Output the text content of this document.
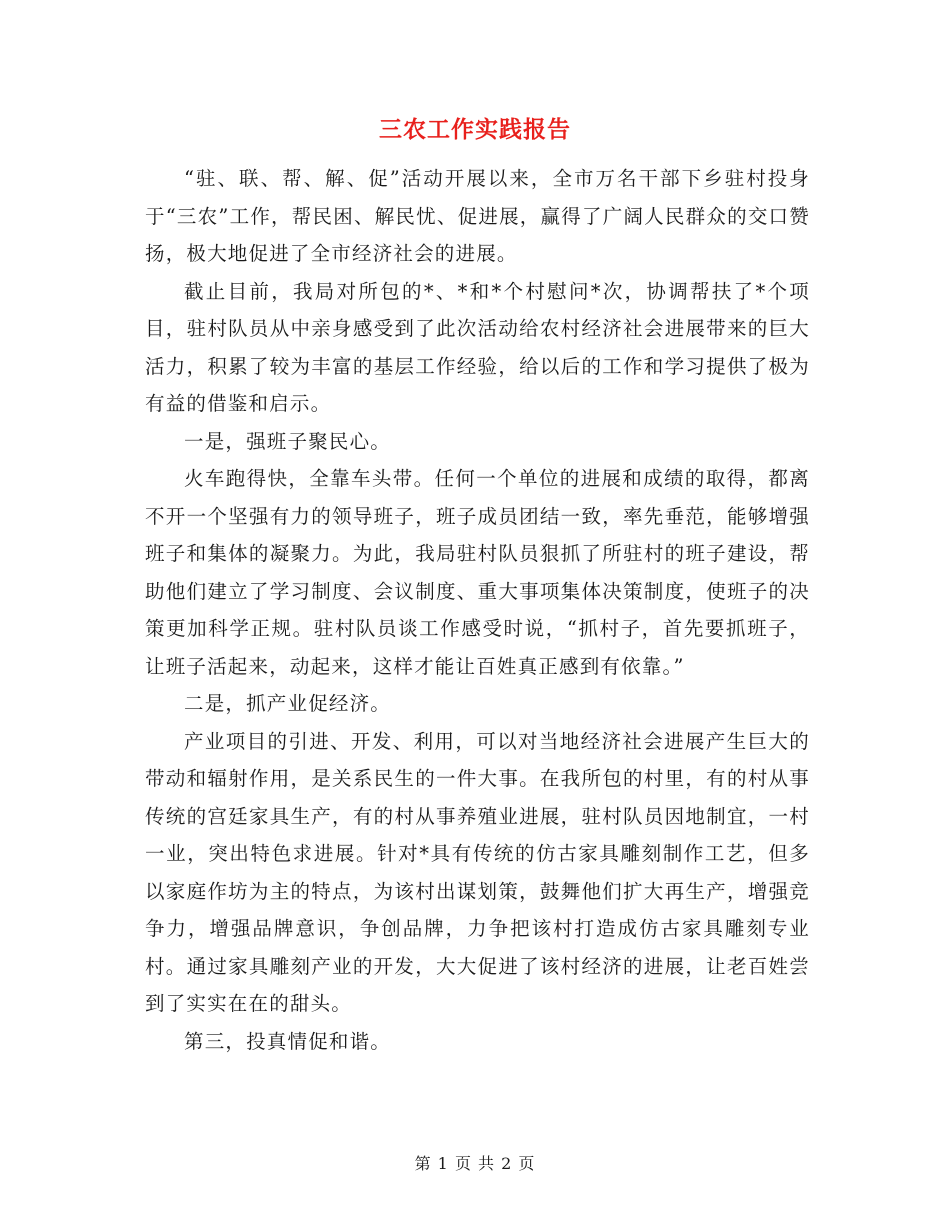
三农工作实践报告

“驻、联、帮、解、促”活动开展以来，全市万名干部下乡驻村投身于“三农”工作，帮民困、解民忧、促进展，赢得了广阔人民群众的交口赞扬，极大地促进了全市经济社会的进展。

截止目前，我局对所包的*、*和*个村慰问*次，协调帮扶了*个项目，驻村队员从中亲身感受到了此次活动给农村经济社会进展带来的巨大活力，积累了较为丰富的基层工作经验，给以后的工作和学习提供了极为有益的借鉴和启示。

一是，强班子聚民心。

火车跑得快，全靠车头带。任何一个单位的进展和成绩的取得，都离不开一个坚强有力的领导班子，班子成员团结一致，率先垂范，能够增强班子和集体的凝聚力。为此，我局驻村队员狠抓了所驻村的班子建设，帮助他们建立了学习制度、会议制度、重大事项集体决策制度，使班子的决策更加科学正规。驻村队员谈工作感受时说，“抓村子，首先要抓班子，让班子活起来，动起来，这样才能让百姓真正感到有依靠。”

二是，抓产业促经济。

产业项目的引进、开发、利用，可以对当地经济社会进展产生巨大的带动和辐射作用，是关系民生的一件大事。在我所包的村里，有的村从事传统的宫廷家具生产，有的村从事养殖业进展，驻村队员因地制宜，一村一业，突出特色求进展。针对*具有传统的仿古家具雕刻制作工艺，但多以家庭作坊为主的特点，为该村出谋划策，鼓舞他们扩大再生产，增强竞争力，增强品牌意识，争创品牌，力争把该村打造成仿古家具雕刻专业村。通过家具雕刻产业的开发，大大促进了该村经济的进展，让老百姓尝到了实实在在的甜头。

第三，投真情促和谐。

第 1 页 共 2 页
